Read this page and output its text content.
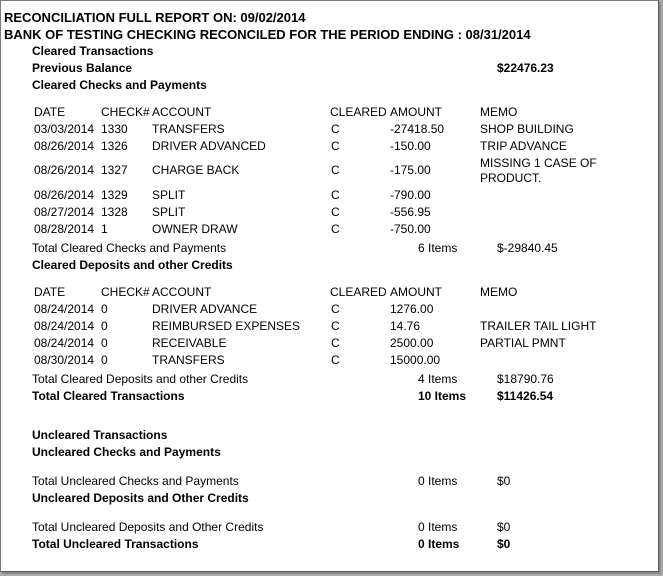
RECONCILIATION FULL REPORT ON: 09/02/2014
BANK OF TESTING CHECKING RECONCILED FOR THE PERIOD ENDING : 08/31/2014
Cleared Transactions
Previous Balance	$22476.23
Cleared Checks and Payments
DATE	CHECK# ACCOUNT	CLEARED AMOUNT	MEMO
03/03/2014 1330 TRANSFERS	C	-27418.50	SHOP BUILDING
08/26/2014 1326 DRIVER ADVANCED	C	-150.00	TRIP ADVANCE
08/26/2014 1327 CHARGE BACK	C	-175.00	MISSING 1 CASE OF PRODUCT.
08/26/2014 1329 SPLIT	C	-790.00
08/27/2014 1328 SPLIT	C	-556.95
08/28/2014 1	OWNER DRAW	C	-750.00
Total Cleared Checks and Payments	6 Items	$-29840.45
Cleared Deposits and other Credits
DATE	CHECK# ACCOUNT	CLEARED AMOUNT	MEMO
08/24/2014 0	DRIVER ADVANCE	C	1276.00
08/24/2014 0	REIMBURSED EXPENSES	C	14.76	TRAILER TAIL LIGHT
08/24/2014 0	RECEIVABLE	C	2500.00	PARTIAL PMNT
08/30/2014 0	TRANSFERS	C	15000.00
Total Cleared Deposits and other Credits	4 Items	$18790.76
Total Cleared Transactions	10 Items	$11426.54
Uncleared Transactions
Uncleared Checks and Payments
Total Uncleared Checks and Payments	0 Items	$0
Uncleared Deposits and Other Credits
Total Uncleared Deposits and Other Credits	0 Items	$0
Total Uncleared Transactions	0 Items	$0
